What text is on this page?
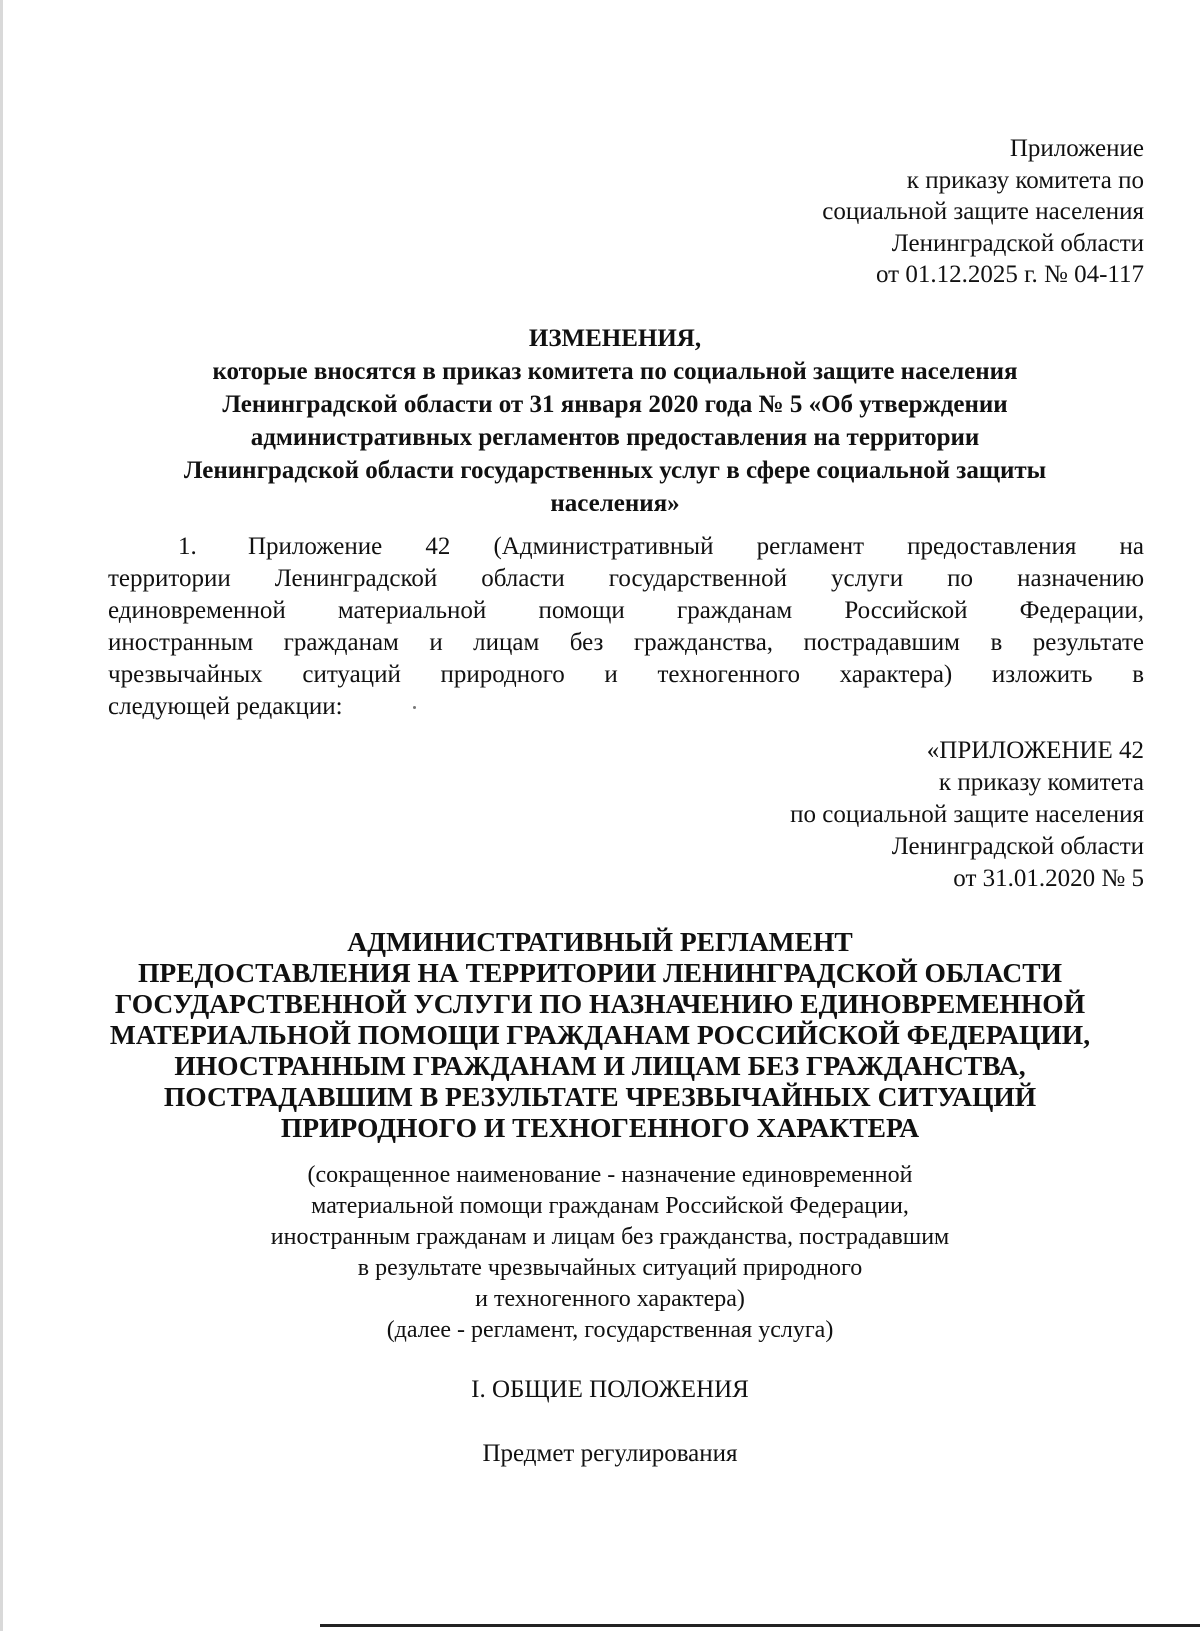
Приложение
к приказу комитета по
социальной защите населения
Ленинградской области
от 01.12.2025 г. № 04-117
ИЗМЕНЕНИЯ,
которые вносятся в приказ комитета по социальной защите населения
Ленинградской области от 31 января 2020 года № 5 «Об утверждении
административных регламентов предоставления на территории
Ленинградской области государственных услуг в сфере социальной защиты
населения»
1. Приложение 42 (Административный регламент предоставления на
территории Ленинградской области государственной услуги по назначению
единовременной материальной помощи гражданам Российской Федерации,
иностранным гражданам и лицам без гражданства, пострадавшим в результате
чрезвычайных ситуаций природного и техногенного характера) изложить в
следующей редакции:
«ПРИЛОЖЕНИЕ 42
к приказу комитета
по социальной защите населения
Ленинградской области
от 31.01.2020 № 5
АДМИНИСТРАТИВНЫЙ РЕГЛАМЕНТ
ПРЕДОСТАВЛЕНИЯ НА ТЕРРИТОРИИ ЛЕНИНГРАДСКОЙ ОБЛАСТИ
ГОСУДАРСТВЕННОЙ УСЛУГИ ПО НАЗНАЧЕНИЮ ЕДИНОВРЕМЕННОЙ
МАТЕРИАЛЬНОЙ ПОМОЩИ ГРАЖДАНАМ РОССИЙСКОЙ ФЕДЕРАЦИИ,
ИНОСТРАННЫМ ГРАЖДАНАМ И ЛИЦАМ БЕЗ ГРАЖДАНСТВА,
ПОСТРАДАВШИМ В РЕЗУЛЬТАТЕ ЧРЕЗВЫЧАЙНЫХ СИТУАЦИЙ
ПРИРОДНОГО И ТЕХНОГЕННОГО ХАРАКТЕРА
(сокращенное наименование - назначение единовременной
материальной помощи гражданам Российской Федерации,
иностранным гражданам и лицам без гражданства, пострадавшим
в результате чрезвычайных ситуаций природного
и техногенного характера)
(далее - регламент, государственная услуга)
I. ОБЩИЕ ПОЛОЖЕНИЯ
Предмет регулирования
